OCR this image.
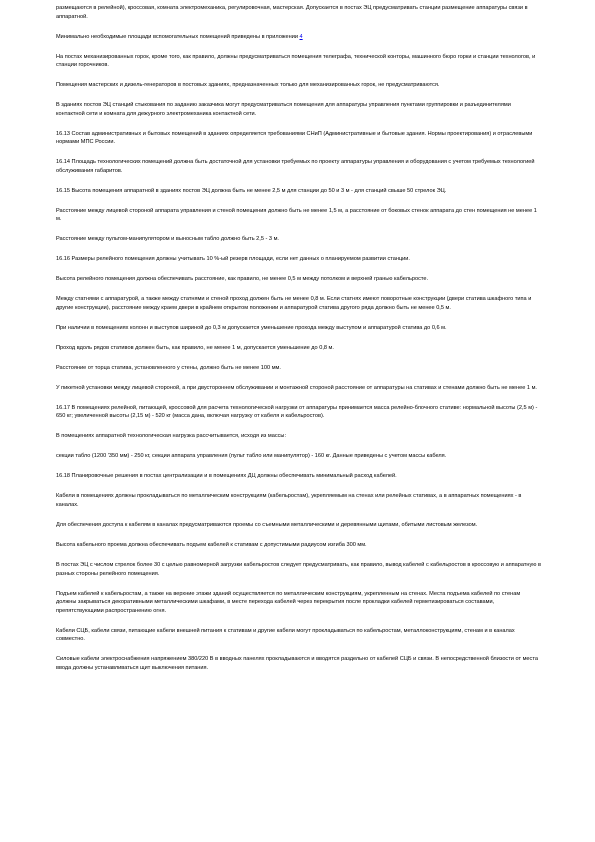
размещаются в релейной), кроссовая, комната электромеханика, регулировочная, мастерская. Допускается в постах ЭЦ предусматривать станции размещение аппаратуры связи в аппаратной.

Минимально необходимые площади вспомогательных помещений приведены в приложении 4

На постах механизированных горок, кроме того, как правило, должны предусматриваться помещения телеграфа, технической конторы, машинного бюро горки и станции технологов, и станции горочников.

Помещения мастерских и дизель-генераторов в постовых зданиях, предназначенных только для механизированных горок, не предусматриваются.

В зданиях постов ЭЦ станций стыкования по заданию заказчика могут предусматриваться помещения для аппаратуры управления пунктами группировки и разъединителями контактной сети и комната для дежурного электромеханика контактной сети.

16.13 Состав административных и бытовых помещений в зданиях определяется требованиями СНиП (Административные и бытовые здания. Нормы проектирования) и отраслевыми нормами МПС России.

16.14 Площадь технологических помещений должна быть достаточной для установки требуемых по проекту аппаратуры управления и оборудования с учетом требуемых технологией обслуживания габаритов.

16.15 Высота помещения аппаратной в зданиях постов ЭЦ должна быть не менее 2,5 м для станции до 50 и 3 м - для станций свыше 50 стрелок ЭЦ.

Расстояние между лицевой стороной аппарата управления и стеной помещения должно быть не менее 1,5 м, а расстояние от боковых стенок аппарата до стен помещения не менее 1 м.

Расстояние между пультом-манипулятором и выносным табло должно быть 2,5 - 3 м.

16.16 Размеры релейного помещения должны учитывать 10 %-ый резерв площади, если нет данных о планируемом развитии станции.

Высота релейного помещения должна обеспечивать расстояние, как правило, не менее 0,5 м между потолком и верхней гранью кабельросте.

Между статнями с аппаратурой, а также между статнями и стеной проход должен быть не менее 0,8 м. Если статнях имеют поворотные конструкции (двери статива шкафного типа и другие конструкции), расстояние между краем двери в крайнем открытом положении и аппаратурой статива другого ряда должно быть не менее 0,5 м.

При наличии в помещениях колонн и выступов шириной до 0,3 м допускается уменьшение прохода между выступом и аппаратурой статива до 0,6 м.

Проход вдоль рядов стативов должен быть, как правило, не менее 1 м, допускается уменьшение до 0,8 м.

Расстояние от торца статива, установленного у стены, должно быть не менее 100 мм.

У пикетной установки между лицевой стороной, а при двустороннем обслуживании и монтажной стороной расстояние от аппаратуры на стативах и стенами должно быть не менее 1 м.

16.17 В помещениях релейной, питающей, кроссовой для расчета технологической нагрузки от аппаратуры принимается масса релейно-блочного стативе: нормальной высоты (2,5 м) - 650 кг; увеличенной высоты (2,15 м) - 520 кг (масса дана, включая нагрузку от кабеля и кабельростов).

В помещениях аппаратной технологическая нагрузка рассчитывается, исходя из массы:

секции табло (1200 '350 мм) - 250 кг, секции аппарата управления (пульт табло или манипулятор) - 160 кг. Данные приведены с учетом массы кабеля.

16.18 Планировочные решения в постах централизации и в помещениях ДЦ должны обеспечивать минимальный расход кабелей.

Кабели в помещениях должны прокладываться по металлическим конструкциям (кабельростам), укрепляемым на стенах или релейных стативах, а в аппаратных помещениях - в каналах.

Для обеспечения доступа к кабелям в каналах предусматриваются проемы со съемными металлическими и деревянными щитами, обитыми листовым железом.

Высота кабельного проема должна обеспечивать подъем кабелей к стативам с допустимыми радиусом изгиба 300 мм.

В постах ЭЦ с числом стрелок более 30 с целью равномерной загрузки кабельростов следует предусматривать, как правило, вывод кабелей с кабельростов в кроссовую и аппаратную в разных стороны релейного помещения.

Подъем кабелей к кабельростам, а также на верхние этажи зданий осуществляется по металлическим конструкциям, укрепленным на стенах. Места подъема кабелей по стенам должны закрываться декоративными металлическими шкафами, в месте перехода кабелей через перекрытия после прокладки кабелей герметизироваться составами, препятствующими распространению огня.

Кабели СЦБ, кабели связи, питающие кабели внешней питания к стативам и другие кабели могут прокладываться по кабельростам, металлоконструкциям, стенам и в каналах совместно.

Силовые кабели электроснабжения напряжением 380/220 В в вводных панелях прокладываются и вводятся раздельно от кабелей СЦБ и связи. В непосредственной близости от места ввода должны устанавливаться щит выключения питания.
